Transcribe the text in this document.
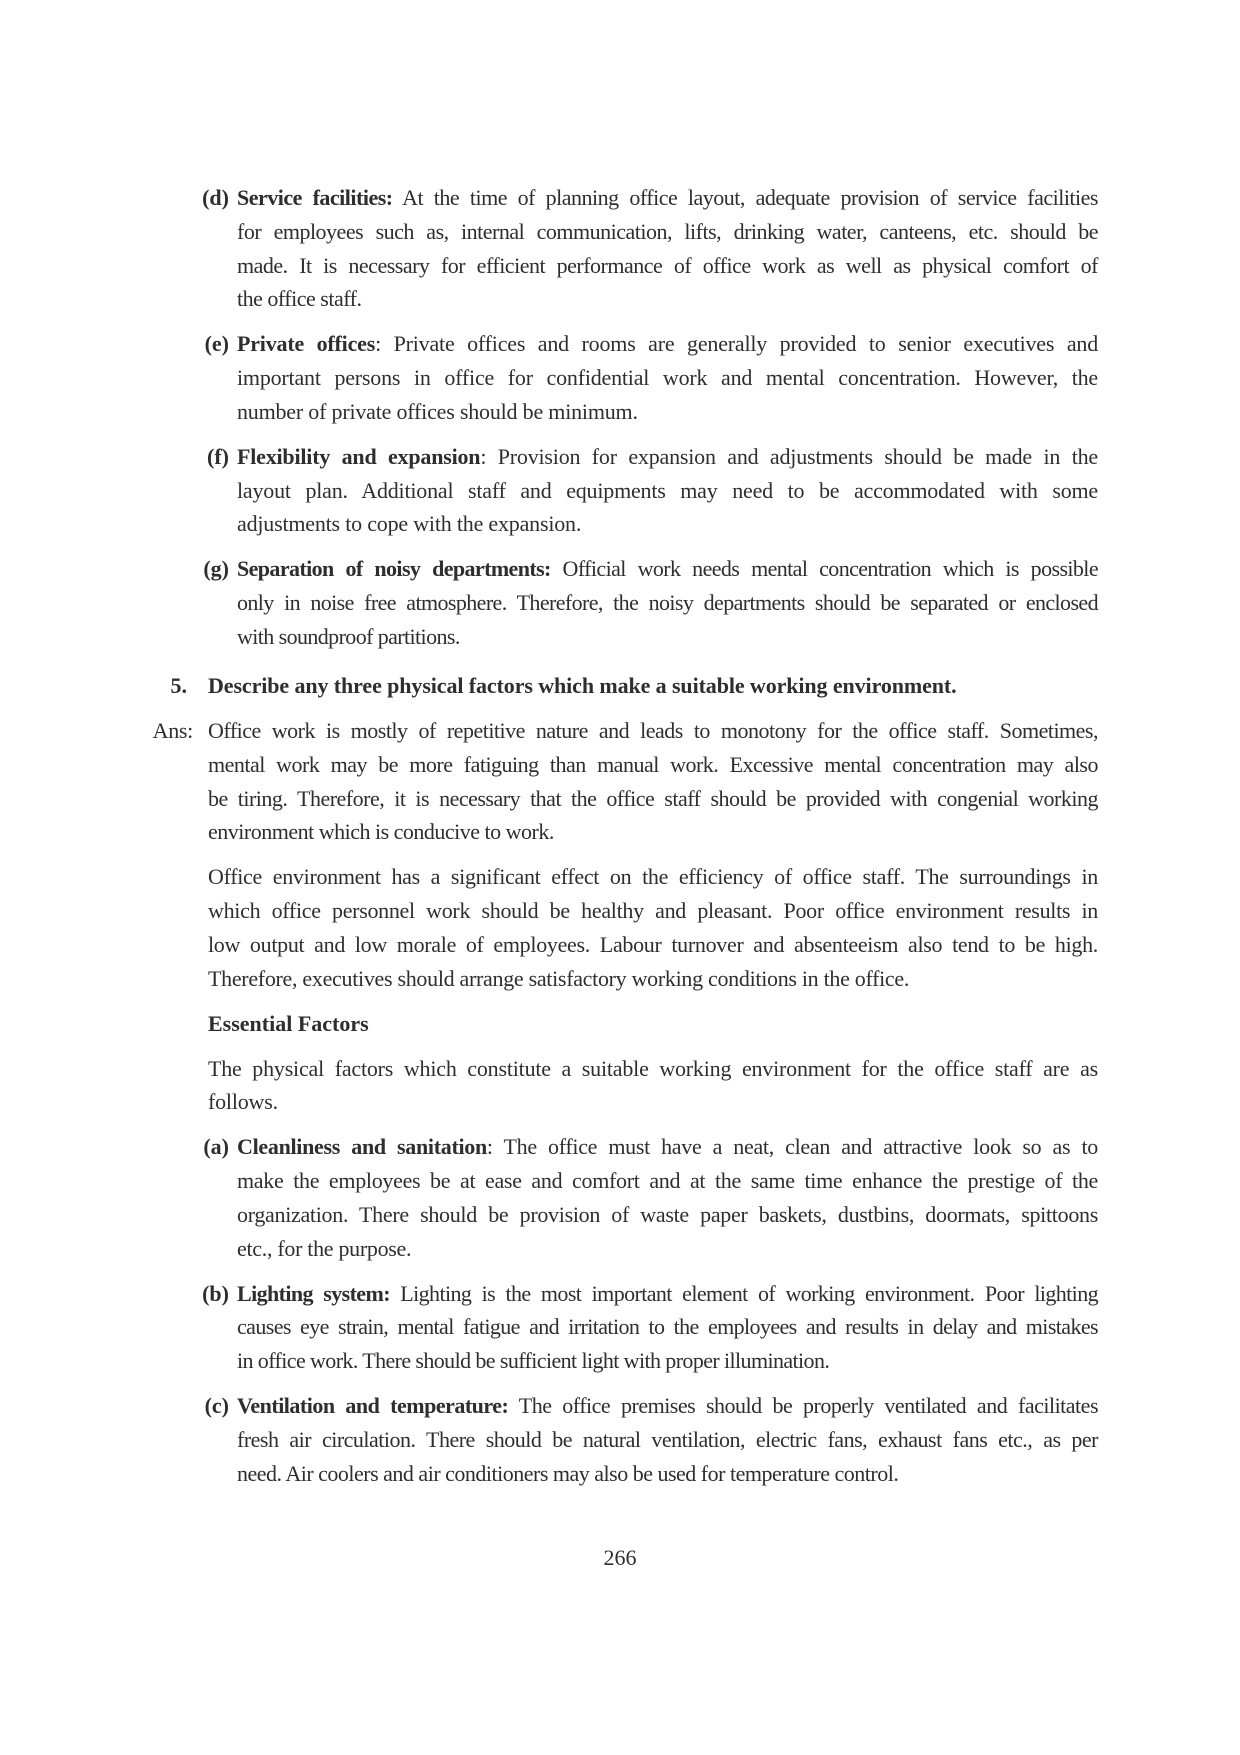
(d) Service facilities: At the time of planning office layout, adequate provision of service facilities
for employees such as, internal communication, lifts, drinking water, canteens, etc. should be
made. It is necessary for efficient performance of office work as well as physical comfort of
the office staff.
(e) Private offices: Private offices and rooms are generally provided to senior executives and
important persons in office for confidential work and mental concentration. However, the
number of private offices should be minimum.
(f) Flexibility and expansion: Provision for expansion and adjustments should be made in the
layout plan. Additional staff and equipments may need to be accommodated with some
adjustments to cope with the expansion.
(g) Separation of noisy departments: Official work needs mental concentration which is possible
only in noise free atmosphere. Therefore, the noisy departments should be separated or enclosed
with soundproof partitions.
5. Describe any three physical factors which make a suitable working environment.
Ans: Office work is mostly of repetitive nature and leads to monotony for the office staff. Sometimes,
mental work may be more fatiguing than manual work. Excessive mental concentration may also
be tiring. Therefore, it is necessary that the office staff should be provided with congenial working
environment which is conducive to work.
Office environment has a significant effect on the efficiency of office staff. The surroundings in
which office personnel work should be healthy and pleasant. Poor office environment results in
low output and low morale of employees. Labour turnover and absenteeism also tend to be high.
Therefore, executives should arrange satisfactory working conditions in the office.
Essential Factors
The physical factors which constitute a suitable working environment for the office staff are as
follows.
(a) Cleanliness and sanitation: The office must have a neat, clean and attractive look so as to
make the employees be at ease and comfort and at the same time enhance the prestige of the
organization. There should be provision of waste paper baskets, dustbins, doormats, spittoons
etc., for the purpose.
(b) Lighting system: Lighting is the most important element of working environment. Poor lighting
causes eye strain, mental fatigue and irritation to the employees and results in delay and mistakes
in office work. There should be sufficient light with proper illumination.
(c) Ventilation and temperature: The office premises should be properly ventilated and facilitates
fresh air circulation. There should be natural ventilation, electric fans, exhaust fans etc., as per
need. Air coolers and air conditioners may also be used for temperature control.
266
